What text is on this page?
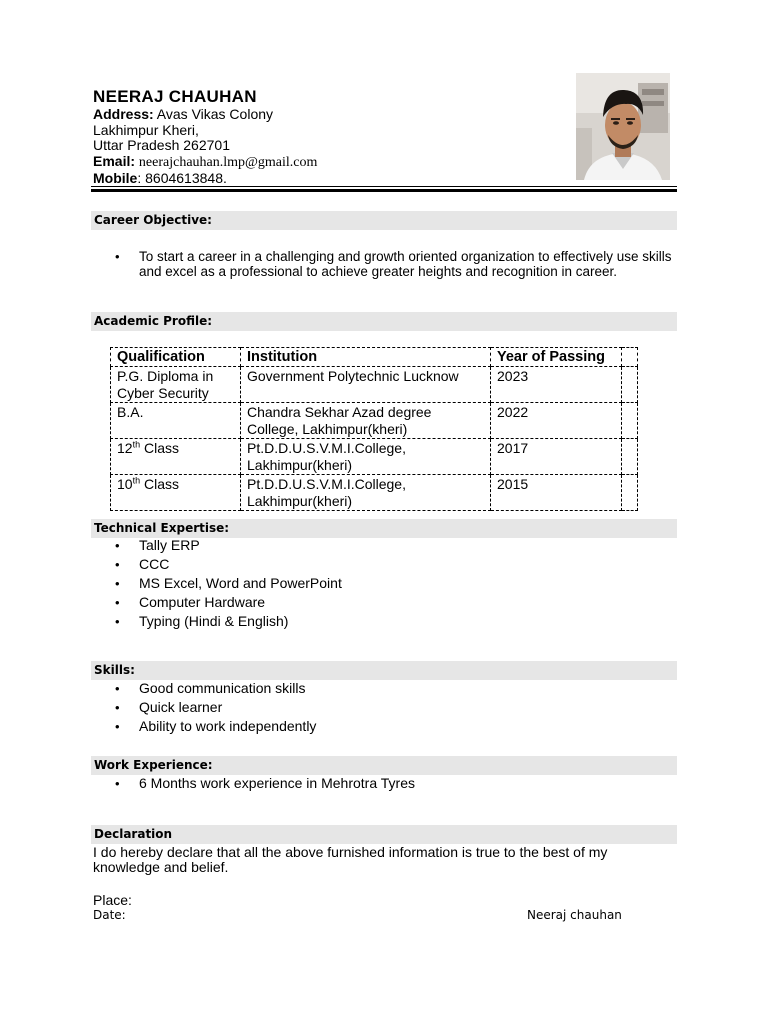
NEERAJ CHAUHAN
Address: Avas Vikas Colony
Lakhimpur Kheri,
Uttar Pradesh 262701
Email: neerajchauhan.lmp@gmail.com
Mobile: 8604613848.
Career Objective:
• To start a career in a challenging and growth oriented organization to effectively use skills and excel as a professional to achieve greater heights and recognition in career.
Academic Profile:
Qualification	Institution	Year of Passing	
P.G. Diploma in Cyber Security	Government Polytechnic Lucknow	2023	
B.A.	Chandra Sekhar Azad degree College, Lakhimpur(kheri)	2022	
12th Class	Pt.D.D.U.S.V.M.I.College, Lakhimpur(kheri)	2017	
10th Class	Pt.D.D.U.S.V.M.I.College, Lakhimpur(kheri)	2015	
Technical Expertise:
• Tally ERP
• CCC
• MS Excel, Word and PowerPoint
• Computer Hardware
• Typing (Hindi & English)
Skills:
• Good communication skills
• Quick learner
• Ability to work independently
Work Experience:
• 6 Months work experience in Mehrotra Tyres
Declaration
I do hereby declare that all the above furnished information is true to the best of my knowledge and belief.
Place:
Date:	Neeraj chauhan
